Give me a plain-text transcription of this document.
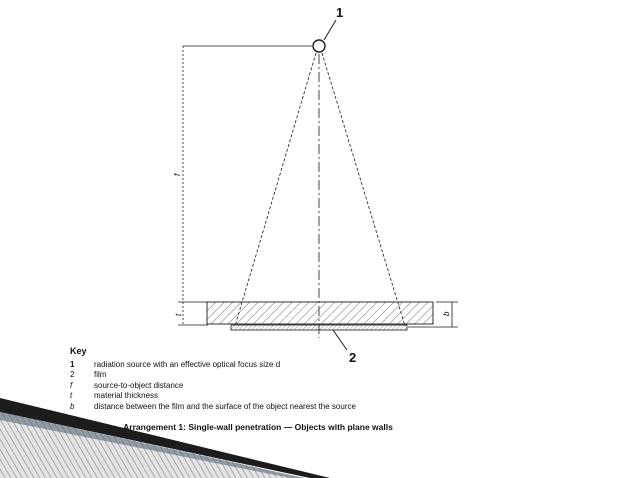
1
2
f
t	b
Key
1	radiation source with an effective optical focus size d
2	film
f	source-to-object distance
t	material thickness
b	distance between the film and the surface of the object nearest the source
Arrangement 1: Single-wall penetration — Objects with plane walls
